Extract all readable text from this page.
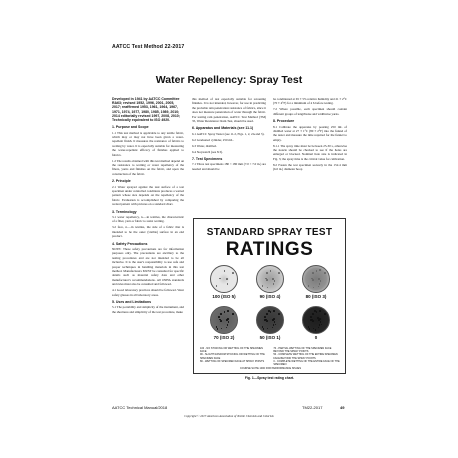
AATCC Test Method 22-2017
Water Repellency: Spray Test
Developed in 1941 by AATCC Committee RA63; revised 1952, 1996, 2001, 2005, 2017; reaffirmed 1953, 1961, 1964, 1967, 1971, 1974, 1977, 1980, 1985, 1989, 2010; 2014 editorially revised 1997, 2008, 2010; Technically equivalent to ISO 4920.
1. Purpose and Scope
1.1 This test method is applicable to any textile fabric, which may or may not have been given a water-repellent finish. It measures the resistance of fabrics to wetting by water. It is especially suitable for measuring the water-repellent efficacy of finishes applied to fabrics.
1.2 The results obtained with this test method depend on the resistance to wetting or water repellency of the fibers, yarns and finishes on the fabric, and upon the construction of the fabric.
2. Principle
2.1 Water sprayed against the taut surface of a test specimen under controlled conditions produces a wetted pattern whose size depends on the repellency of the fabric. Evaluation is accomplished by comparing the wetted pattern with pictures on a standard chart.
3. Terminology
3.1 water repellency, n.—in textiles, the characteristic of a fiber, yarn or fabric to resist wetting.
3.2 face, n.—in textiles, the side of a fabric that is intended to be the outer (visible) surface in an end product.
4. Safety Precautions
NOTE: These safety precautions are for information purposes only. The precautions are ancillary to the testing procedures and are not intended to be all inclusive. It is the user's responsibility to use safe and proper techniques in handling materials in this test method. Manufacturers MUST be consulted for specific details such as material safety data and other manufacturer's recommendations. All OSHA standards and rules must also be consulted and followed.
4.1 Good laboratory practices should be followed. Wear safety glasses in all laboratory areas.
5. Uses and Limitations
5.1 The portability and simplicity of the instrument, and the shortness and simplicity of the test procedure, make
this method of test especially suitable for screening finishes. It is not intended, however, for use in predicting the probable rain penetration resistance of fabrics, since it does not measure penetration of water through the fabric. For testing rain penetration, AATCC Test Method (TM) 35, Water Resistance: Rain Test, should be used.
6. Apparatus and Materials (see 11.1)
6.1 AATCC Spray Tester (see 11.2, Figs. 1, 2, 2A and 3).
6.2 Graduated cylinder, 250 mL.
6.3 Water, distilled.
6.4 Stopwatch (see 8.3).
7. Test Specimens
7.1 Three test specimens 180 × 180 mm (7.0 × 7.0 in.) are needed and should be
be conditioned at 65 ± 5% relative humidity and 21 ± 2°C (70 ± 4°F) for a minimum of 4 h before testing.
7.2 Where possible, each specimen should contain different groups of lengthwise and widthwise yarns.
8. Procedure
8.1 Calibrate the apparatus by pouring 250 mL of distilled water at 27 ± 1°C (80 ± 2°F) into the funnel of the tester and measure the time required for the funnel to empty.
8.1.1 The spray time must be between 25-30 s, otherwise the nozzle should be checked to see if the holes are enlarged or blocked. Nominal hole size is indicated in Fig. 3; the spray time is the critical value for calibration.
8.2 Fasten the test specimen securely in the 152.4 mm (6.0 in.) diameter hoop
STANDARD SPRAY TEST
RATINGS
100 (ISO 5)	90 (ISO 4)	80 (ISO 3)
70 (ISO 2)	50 (ISO 1)	0
100 - NO STICKING OR WETTING OF THE SPECIMEN FACE
70 - PARTIAL WETTING OF THE SPECIMEN FACE BEYOND THE SPRAY POINTS
90 - SLIGHT RANDOM STICKING OR WETTING OF THE SPECIMEN FACE
50 - COMPLETE WETTING OF THE ENTIRE SPECIMEN FACE BEYOND THE SPRAY POINTS
80 - WETTING OF SPECIMEN FACE AT SPRAY POINTS	0 - COMPLETE WETTING OF THE ENTIRE FACE OF THE SPECIMEN
COURSE SUITE 1000 FOR PERFORMANCE ISSUES
Fig. 1—Spray test rating chart.
AATCC Technical Manual/2018	TM22-2017	49
Copyright © 2017 American Association of Textile Chemists and Colorists
